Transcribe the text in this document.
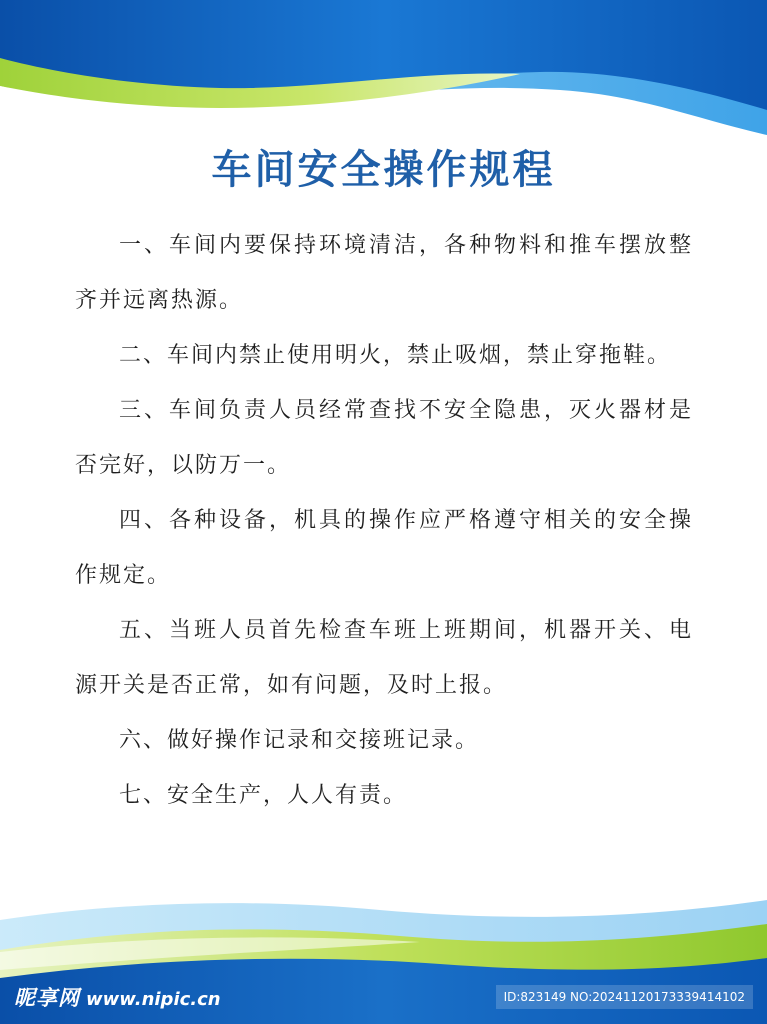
车间安全操作规程
一、车间内要保持环境清洁，各种物料和推车摆放整齐并远离热源。
二、车间内禁止使用明火，禁止吸烟，禁止穿拖鞋。
三、车间负责人员经常查找不安全隐患，灭火器材是否完好，以防万一。
四、各种设备，机具的操作应严格遵守相关的安全操作规定。
五、当班人员首先检查车班上班期间，机器开关、电源开关是否正常，如有问题，及时上报。
六、做好操作记录和交接班记录。
七、安全生产，人人有责。
昵享网 www.nipic.cn	ID:823149 NO:20241120173339414102
